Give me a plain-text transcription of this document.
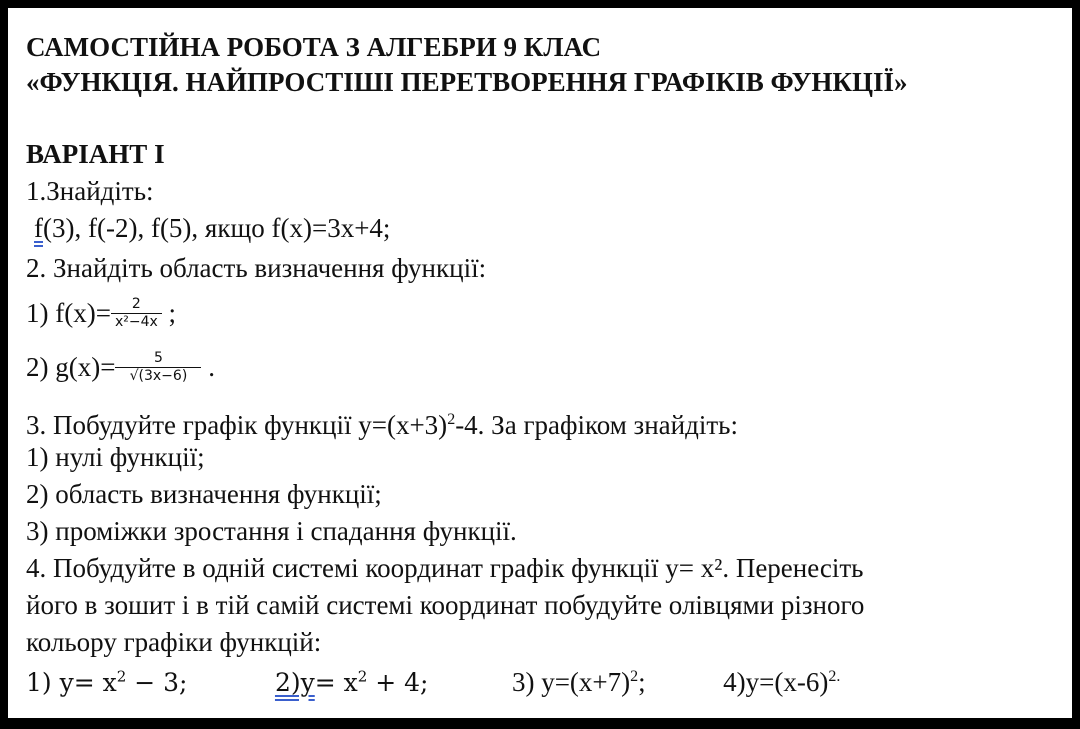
САМОСТІЙНА РОБОТА З АЛГЕБРИ 9 КЛАС
«ФУНКЦІЯ. НАЙПРОСТІШІ ПЕРЕТВОРЕННЯ ГРАФІКІВ ФУНКЦІЇ»
ВАРІАНТ І
1.Знайдіть:
f(3), f(-2), f(5), якщо f(x)=3x+4;
2. Знайдіть область визначення функції:
1) $f(x)= \frac{2}{\text{x²−4x}}$ ;
2) $g(x)= \frac{5}{√(3x-6)}$ .
3. Побудуйте графік функції $y=(x+3)^2-4$. За графіком знайдіть:
1) нулі функції;
2) область визначення функції;
3) проміжки зростання і спадання функції.
4. Побудуйте в одній системі координат графік функції y= x². Перенесіть
його в зошит і в тій самій системі координат побудуйте олівцями різного
кольору графіки функцій:
1) $y= x^2 - 3$;	$2)y= x^2 + 4$;	3) $y=(x+7)^2$;	$4)y=(x-6)^{2.}$
